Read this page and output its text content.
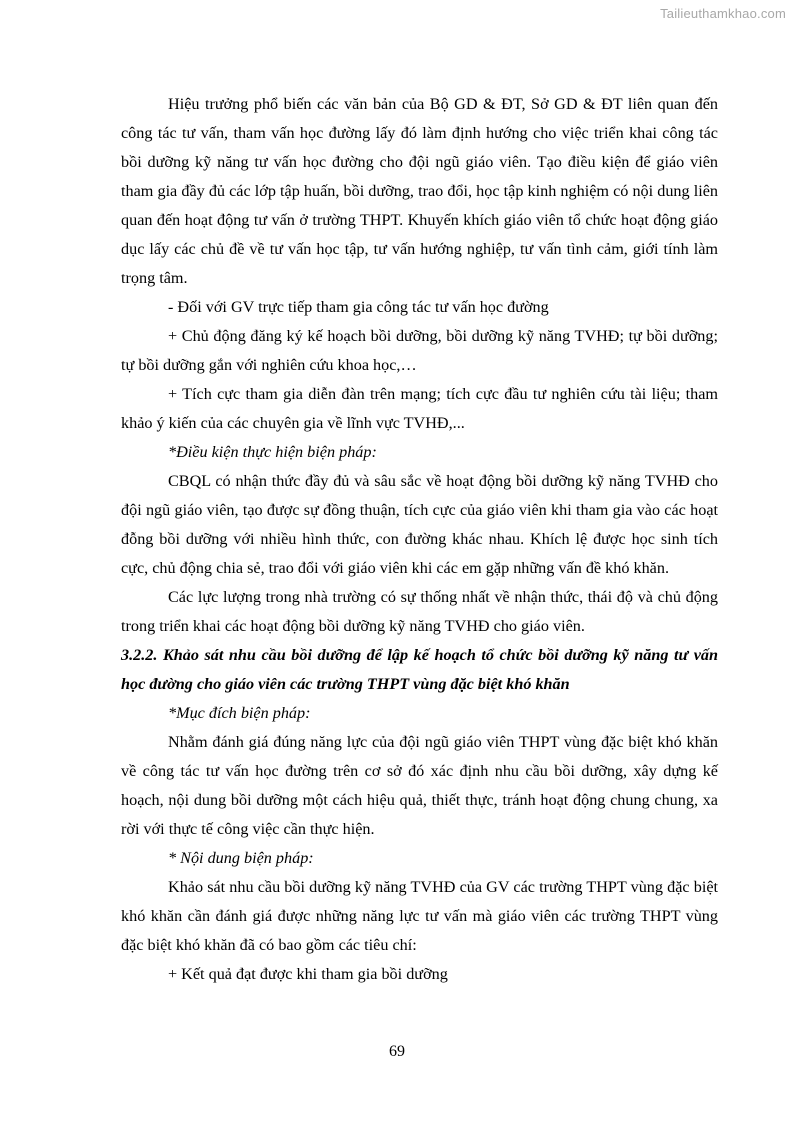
Tailieuthamkhao.com

Hiệu trưởng phổ biến các văn bản của Bộ GD & ĐT, Sở GD & ĐT liên quan đến công tác tư vấn, tham vấn học đường lấy đó làm định hướng cho việc triển khai công tác bồi dưỡng kỹ năng tư vấn học đường cho đội ngũ giáo viên. Tạo điều kiện để giáo viên tham gia đầy đủ các lớp tập huấn, bồi dưỡng, trao đổi, học tập kinh nghiệm có nội dung liên quan đến hoạt động tư vấn ở trường THPT. Khuyến khích giáo viên tổ chức hoạt động giáo dục lấy các chủ đề về tư vấn học tập, tư vấn hướng nghiệp, tư vấn tình cảm, giới tính làm trọng tâm.

- Đối với GV trực tiếp tham gia công tác tư vấn học đường

+ Chủ động đăng ký kế hoạch bồi dưỡng, bồi dưỡng kỹ năng TVHĐ; tự bồi dưỡng; tự bồi dưỡng gắn với nghiên cứu khoa học,…

+ Tích cực tham gia diễn đàn trên mạng; tích cực đầu tư nghiên cứu tài liệu; tham khảo ý kiến của các chuyên gia về lĩnh vực TVHĐ,...

*Điều kiện thực hiện biện pháp:

CBQL có nhận thức đầy đủ và sâu sắc về hoạt động bồi dưỡng kỹ năng TVHĐ cho đội ngũ giáo viên, tạo được sự đồng thuận, tích cực của giáo viên khi tham gia vào các hoạt đỗng bồi dưỡng với nhiều hình thức, con đường khác nhau. Khích lệ được học sinh tích cực, chủ động chia sẻ, trao đổi với giáo viên khi các em gặp những vấn đề khó khăn.

Các lực lượng trong nhà trường có sự thống nhất về nhận thức, thái độ và chủ động trong triển khai các hoạt động bồi dưỡng kỹ năng TVHĐ cho giáo viên.

3.2.2. Khảo sát nhu cầu bồi dưỡng để lập kế hoạch tổ chức bồi dưỡng kỹ năng tư vấn học đường cho giáo viên các trường THPT vùng đặc biệt khó khăn

*Mục đích biện pháp:

Nhằm đánh giá đúng năng lực của đội ngũ giáo viên THPT vùng đặc biệt khó khăn về công tác tư vấn học đường trên cơ sở đó xác định nhu cầu bồi dưỡng, xây dựng kế hoạch, nội dung bồi dưỡng một cách hiệu quả, thiết thực, tránh hoạt động chung chung, xa rời với thực tế công việc cần thực hiện.

* Nội dung biện pháp:

Khảo sát nhu cầu bồi dưỡng kỹ năng TVHĐ của GV các trường THPT vùng đặc biệt khó khăn cần đánh giá được những năng lực tư vấn mà giáo viên các trường THPT vùng đặc biệt khó khăn đã có bao gồm các tiêu chí:

+ Kết quả đạt được khi tham gia bồi dưỡng

69
